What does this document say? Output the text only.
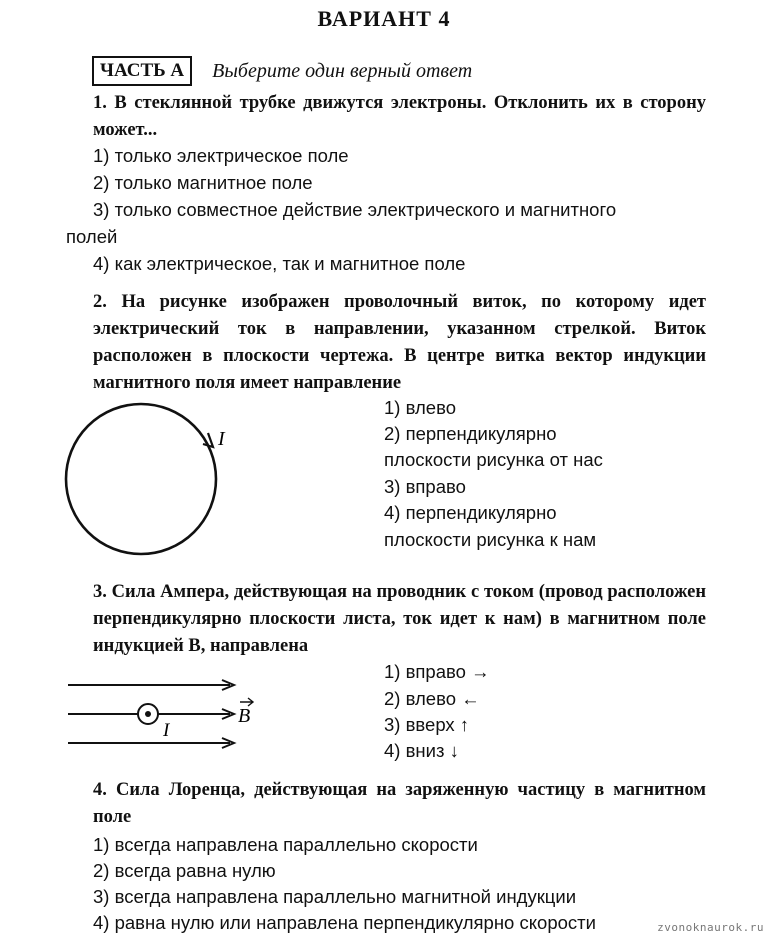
ВАРИАНТ 4
ЧАСТЬ А Выберите один верный ответ
1. В стеклянной трубке движутся электроны. Отклонить их в сторону может...
1) только электрическое поле
2) только магнитное поле
3) только совместное действие электрического и магнитного
полей
4) как электрическое, так и магнитное поле
2. На рисунке изображен проволочный виток, по которому идет электрический ток в направлении, указанном стрелкой. Виток расположен в плоскости чертежа. В центре витка вектор индукции магнитного поля имеет направление
I
1) влево
2) перпендикулярно
плоскости рисунка от нас
3) вправо
4) перпендикулярно
плоскости рисунка к нам
3. Сила Ампера, действующая на проводник с током (провод расположен перпендикулярно плоскости листа, ток идет к нам) в магнитном поле индукцией B, направлена
I
B
1) вправо →
2) влево ←
3) вверх ↑
4) вниз ↓
4. Сила Лоренца, действующая на заряженную частицу в магнитном поле
1) всегда направлена параллельно скорости
2) всегда равна нулю
3) всегда направлена параллельно магнитной индукции
4) равна нулю или направлена перпендикулярно скорости	zvonoknaurok.ru
